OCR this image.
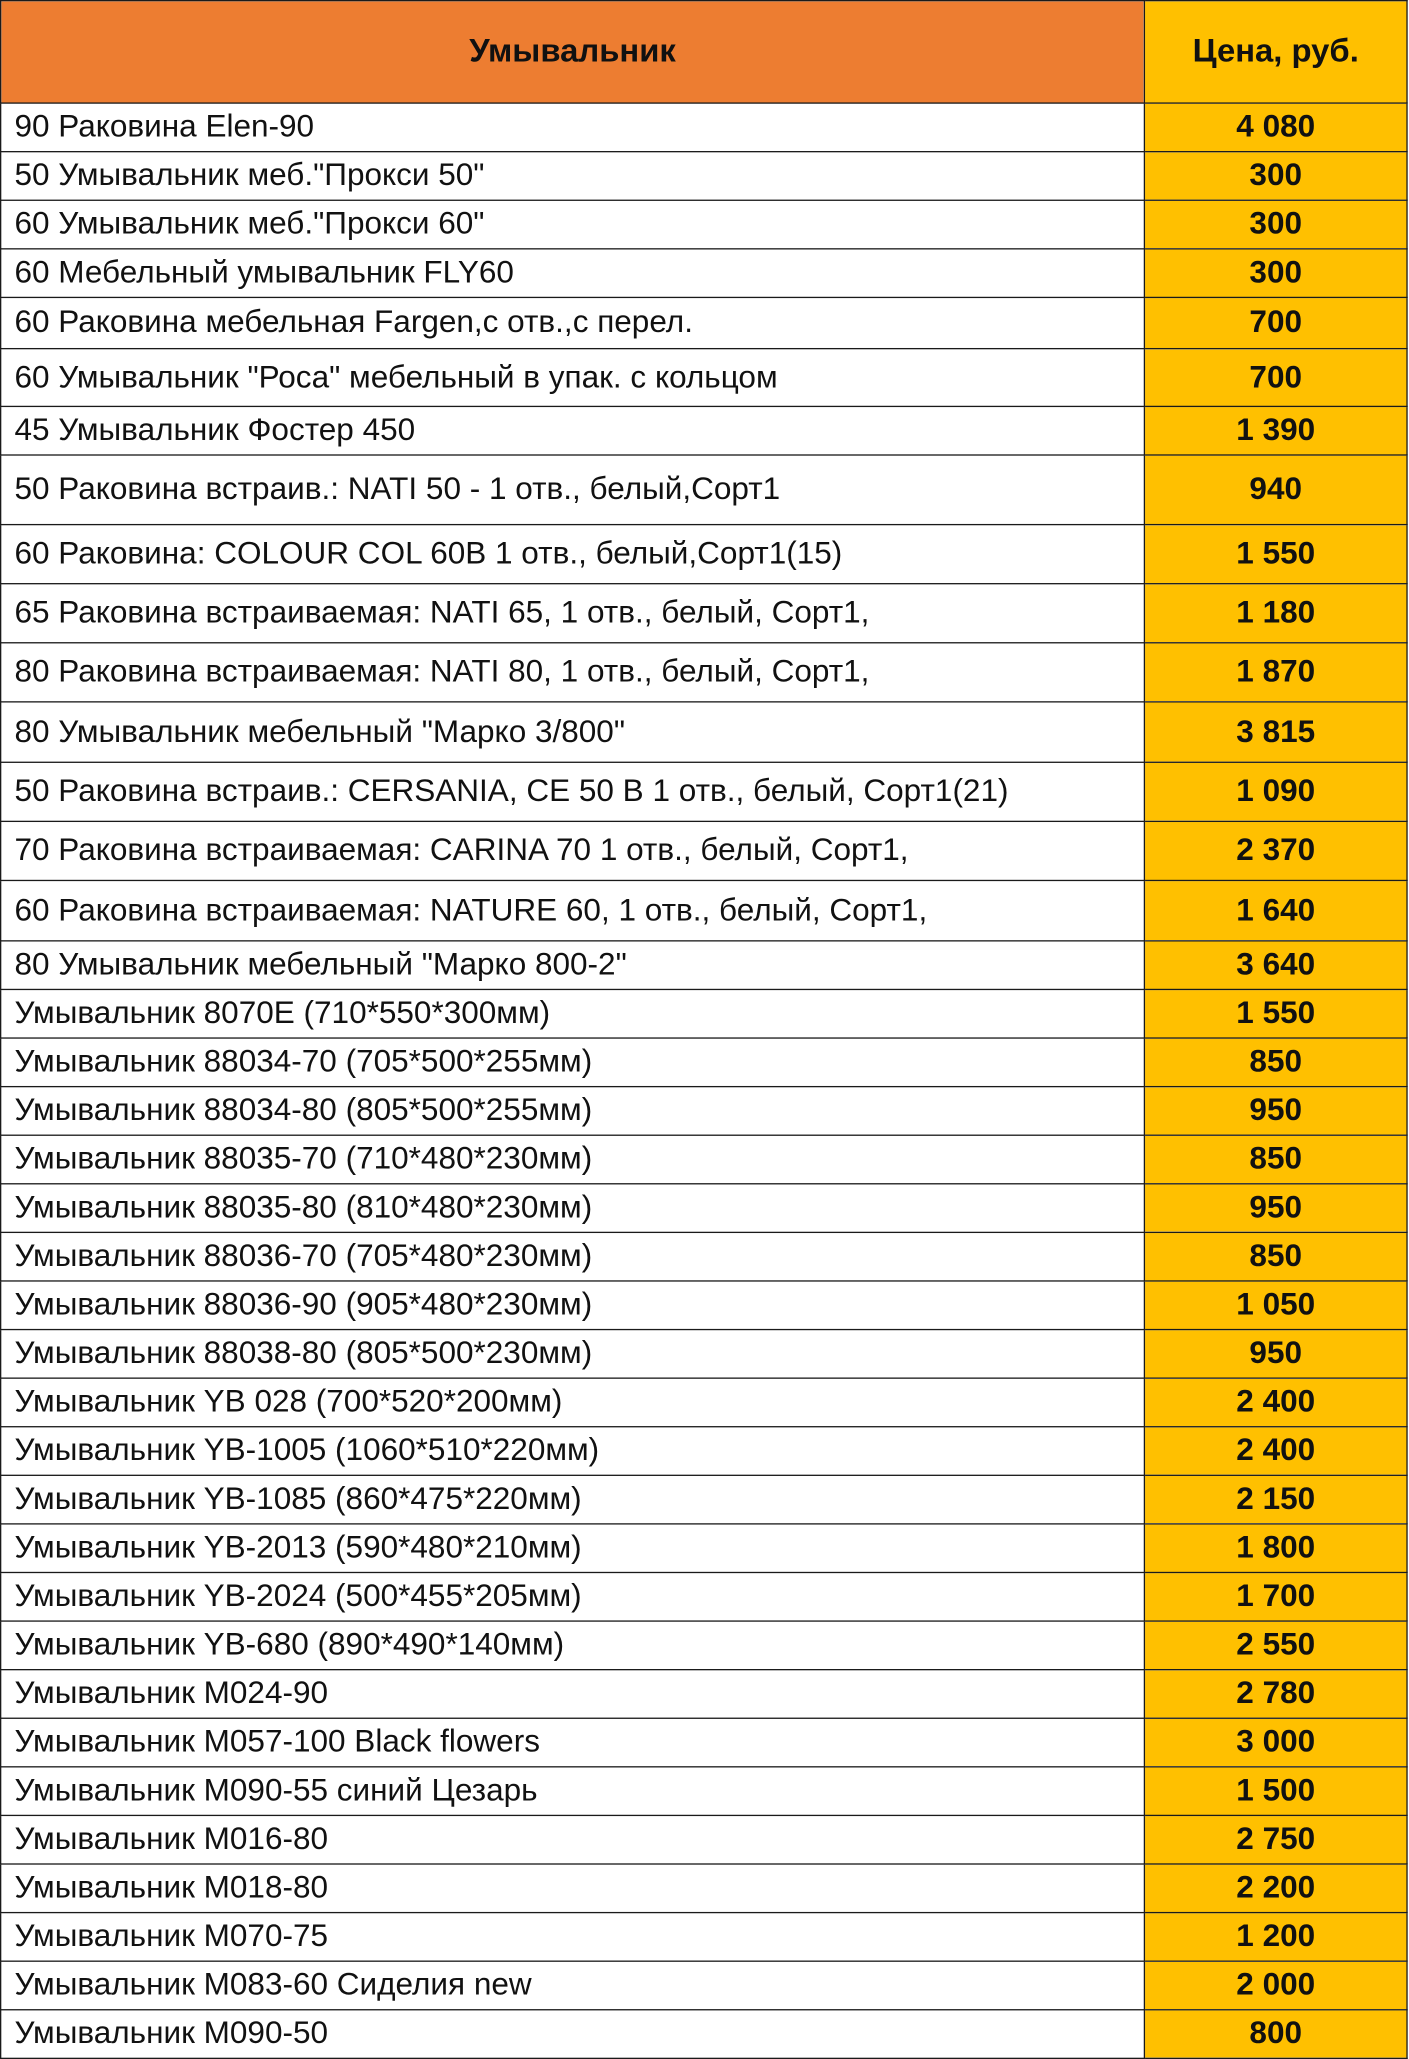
Умывальник	Цена, руб.
90 Раковина Elen-90	4 080
50 Умывальник меб."Прокси 50"	300
60 Умывальник меб."Прокси 60"	300
60 Мебельный умывальник FLY60	300
60 Раковина мебельная Fargen,с отв.,с перел.	700
60 Умывальник "Роса" мебельный в упак. с кольцом	700
45 Умывальник Фостер 450	1 390
50 Раковина встраив.: NATI 50 - 1 отв., белый,Сорт1	940
60 Раковина: COLOUR COL 60B 1 отв., белый,Сорт1(15)	1 550
65 Раковина встраиваемая: NATI 65, 1 отв., белый, Сорт1,	1 180
80 Раковина встраиваемая: NATI 80, 1 отв., белый, Сорт1,	1 870
80 Умывальник мебельный "Марко 3/800"	3 815
50 Раковина встраив.: CERSANIA, CE 50 B 1 отв., белый, Сорт1(21)	1 090
70 Раковина встраиваемая: CARINA 70 1 отв., белый, Сорт1,	2 370
60 Раковина встраиваемая: NATURE 60, 1 отв., белый, Сорт1,	1 640
80 Умывальник мебельный "Марко 800-2"	3 640
Умывальник 8070E (710*550*300мм)	1 550
Умывальник 88034-70 (705*500*255мм)	850
Умывальник 88034-80 (805*500*255мм)	950
Умывальник 88035-70 (710*480*230мм)	850
Умывальник 88035-80 (810*480*230мм)	950
Умывальник 88036-70 (705*480*230мм)	850
Умывальник 88036-90 (905*480*230мм)	1 050
Умывальник 88038-80 (805*500*230мм)	950
Умывальник YB 028 (700*520*200мм)	2 400
Умывальник YB-1005 (1060*510*220мм)	2 400
Умывальник YB-1085 (860*475*220мм)	2 150
Умывальник YB-2013 (590*480*210мм)	1 800
Умывальник YB-2024 (500*455*205мм)	1 700
Умывальник YB-680 (890*490*140мм)	2 550
Умывальник М024-90	2 780
Умывальник М057-100 Black flowers	3 000
Умывальник М090-55 синий Цезарь	1 500
Умывальник М016-80	2 750
Умывальник М018-80	2 200
Умывальник М070-75	1 200
Умывальник М083-60 Сиделия new	2 000
Умывальник М090-50	800
